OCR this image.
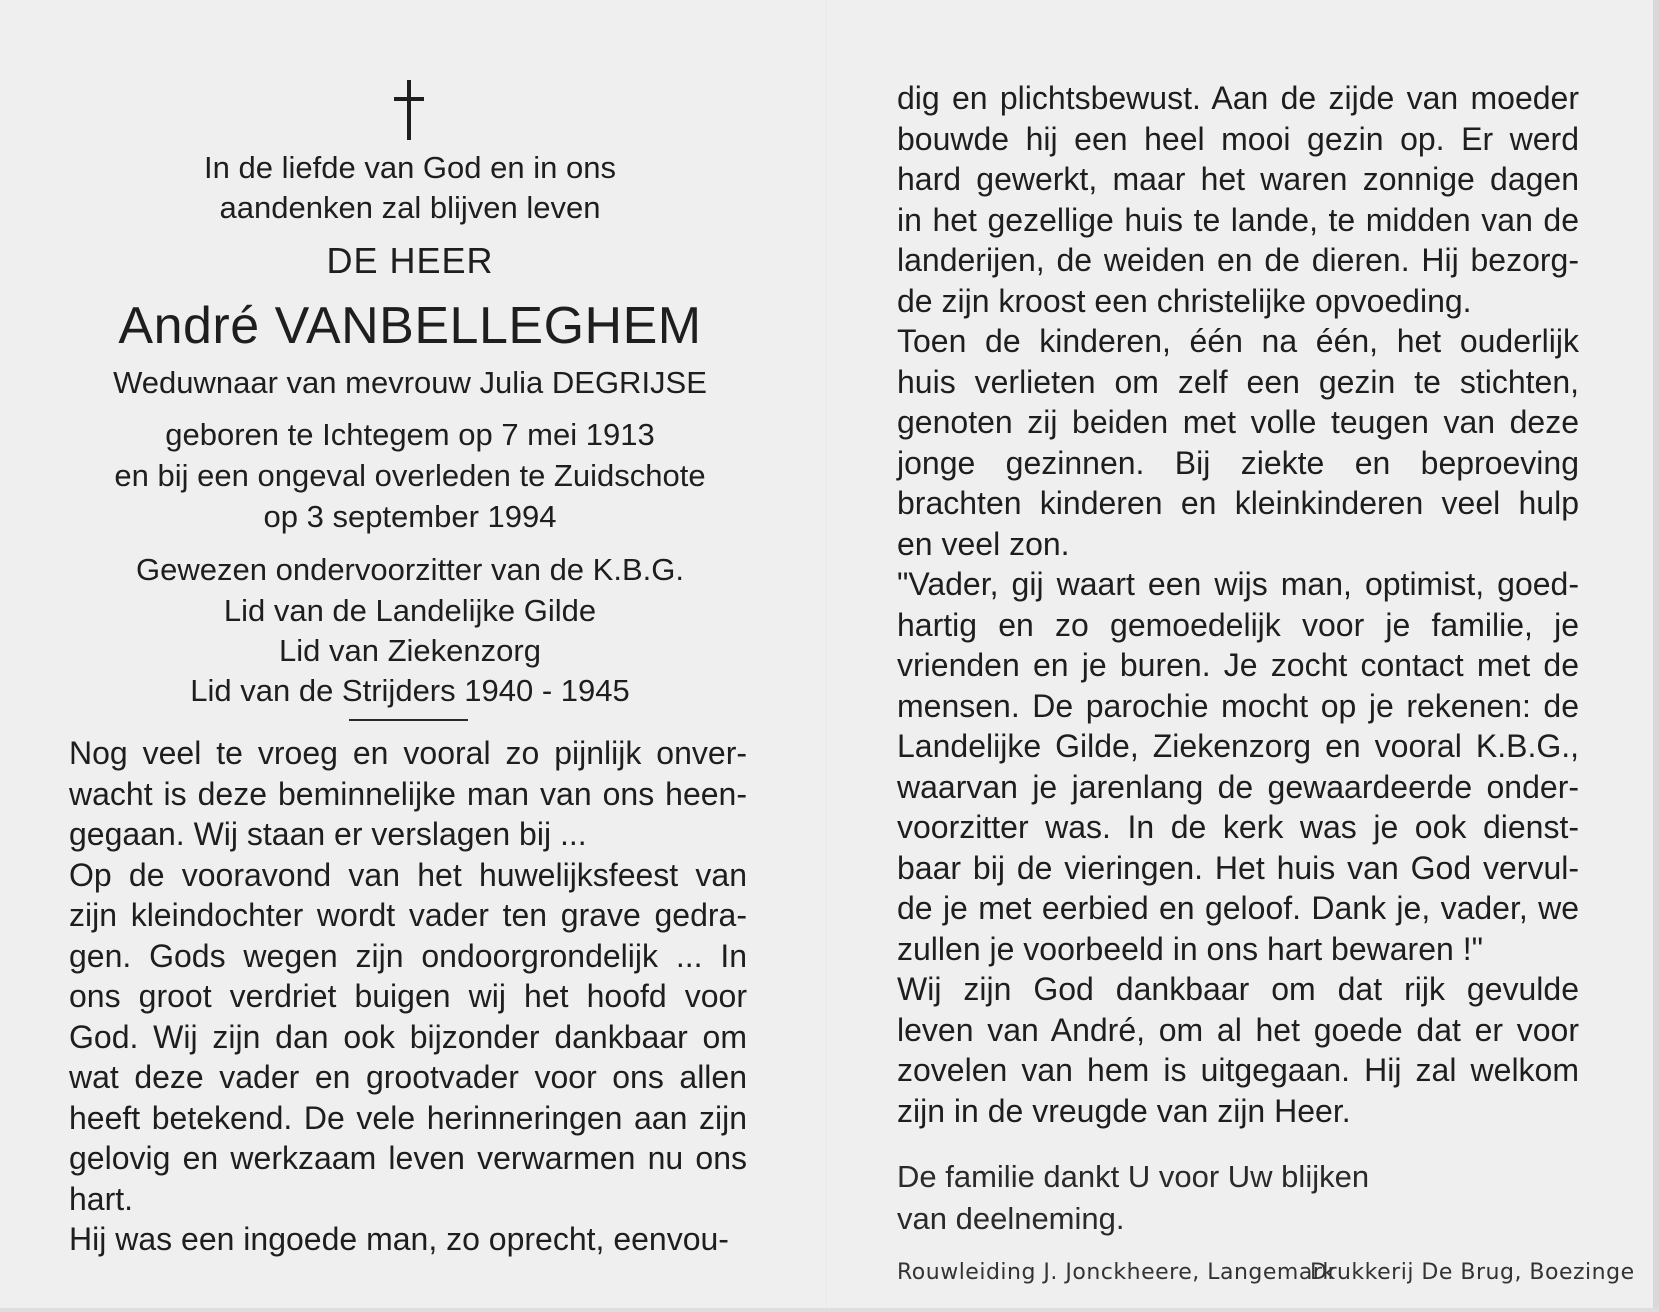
In de liefde van God en in ons
aandenken zal blijven leven
DE HEER
André VANBELLEGHEM
Weduwnaar van mevrouw Julia DEGRIJSE
geboren te Ichtegem op 7 mei 1913
en bij een ongeval overleden te Zuidschote
op 3 september 1994
Gewezen ondervoorzitter van de K.B.G.
Lid van de Landelijke Gilde
Lid van Ziekenzorg
Lid van de Strijders 1940 - 1945
Nog veel te vroeg en vooral zo pijnlijk onver-
wacht is deze beminnelijke man van ons heen-
gegaan. Wij staan er verslagen bij ...
Op de vooravond van het huwelijksfeest van
zijn kleindochter wordt vader ten grave gedra-
gen. Gods wegen zijn ondoorgrondelijk ... In
ons groot verdriet buigen wij het hoofd voor
God. Wij zijn dan ook bijzonder dankbaar om
wat deze vader en grootvader voor ons allen
heeft betekend. De vele herinneringen aan zijn
gelovig en werkzaam leven verwarmen nu ons
hart.
Hij was een ingoede man, zo oprecht, eenvou-
dig en plichtsbewust. Aan de zijde van moeder
bouwde hij een heel mooi gezin op. Er werd
hard gewerkt, maar het waren zonnige dagen
in het gezellige huis te lande, te midden van de
landerijen, de weiden en de dieren. Hij bezorg-
de zijn kroost een christelijke opvoeding.
Toen de kinderen, één na één, het ouderlijk
huis verlieten om zelf een gezin te stichten,
genoten zij beiden met volle teugen van deze
jonge gezinnen. Bij ziekte en beproeving
brachten kinderen en kleinkinderen veel hulp
en veel zon.
"Vader, gij waart een wijs man, optimist, goed-
hartig en zo gemoedelijk voor je familie, je
vrienden en je buren. Je zocht contact met de
mensen. De parochie mocht op je rekenen: de
Landelijke Gilde, Ziekenzorg en vooral K.B.G.,
waarvan je jarenlang de gewaardeerde onder-
voorzitter was. In de kerk was je ook dienst-
baar bij de vieringen. Het huis van God vervul-
de je met eerbied en geloof. Dank je, vader, we
zullen je voorbeeld in ons hart bewaren !"
Wij zijn God dankbaar om dat rijk gevulde
leven van André, om al het goede dat er voor
zovelen van hem is uitgegaan. Hij zal welkom
zijn in de vreugde van zijn Heer.
De familie dankt U voor Uw blijken
van deelneming.
Rouwleiding J. Jonckheere, Langemark
Drukkerij De Brug, Boezinge
